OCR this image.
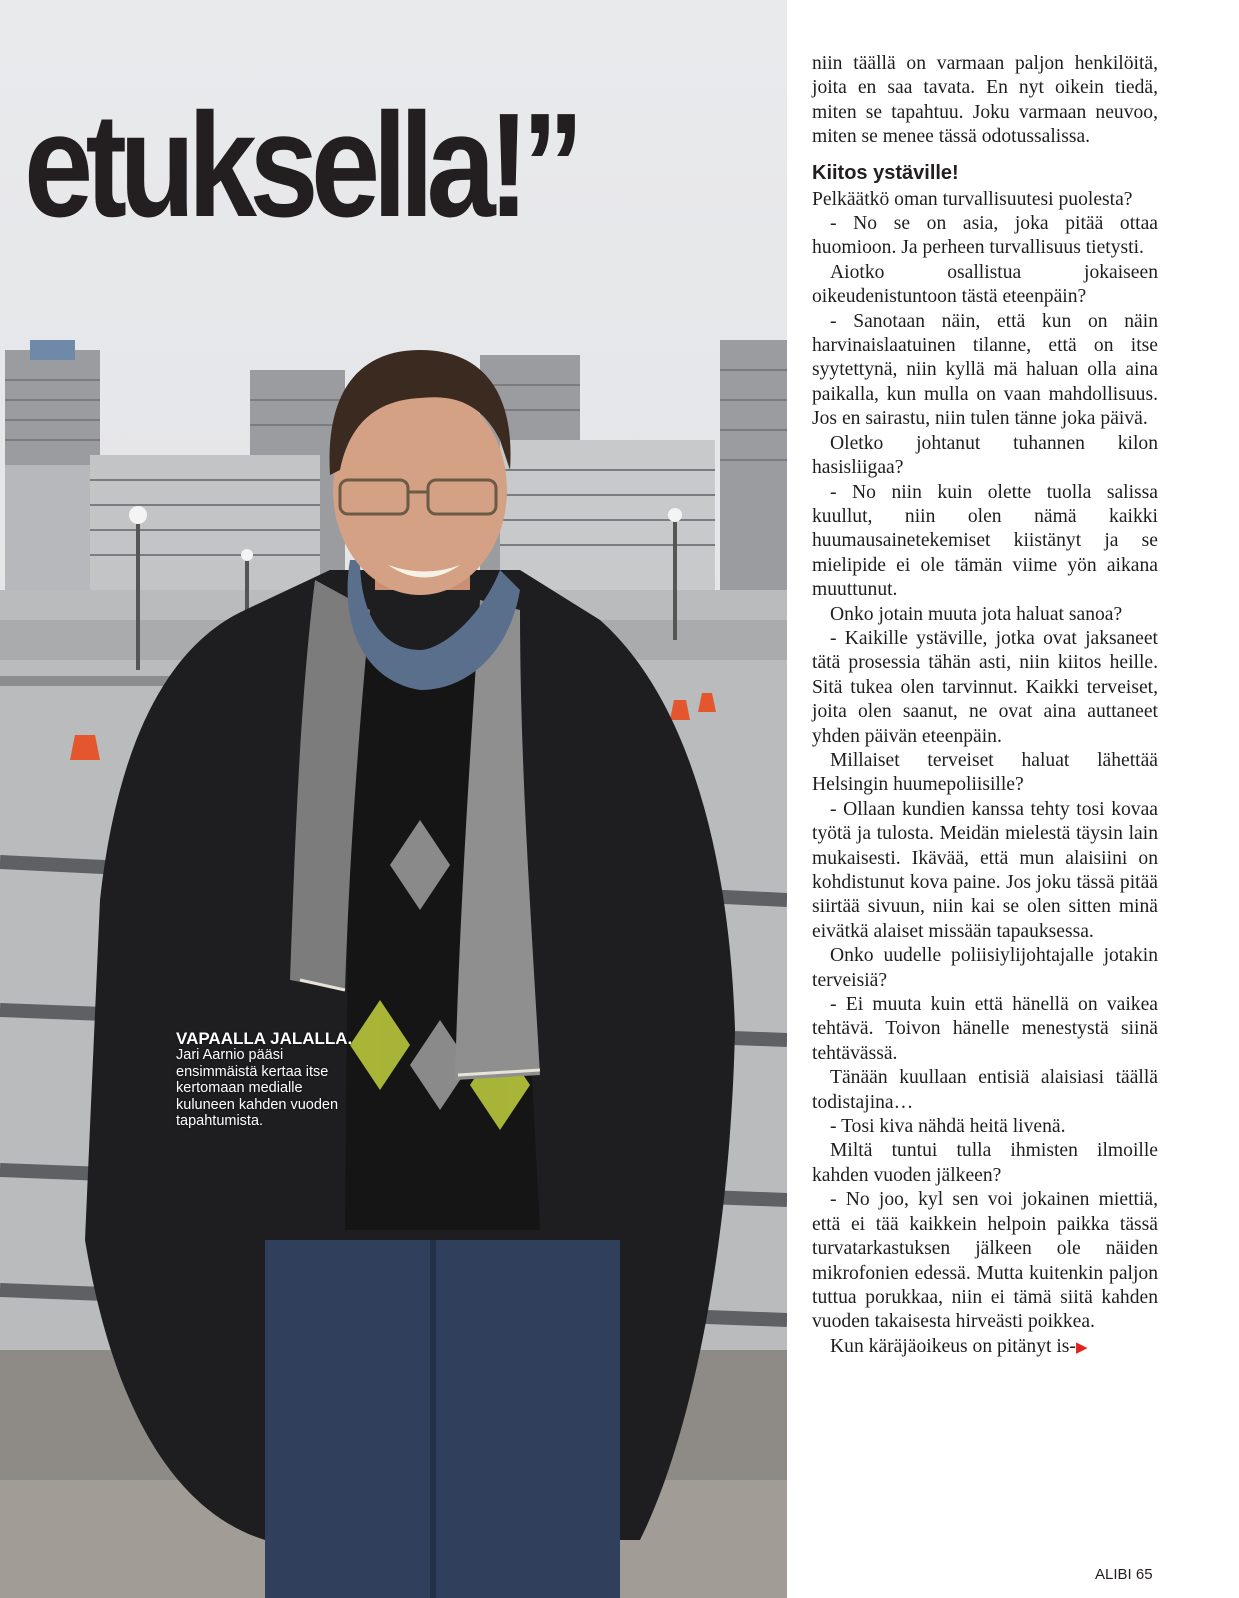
etuksella!”
VAPAALLA JALALLA.
Jari Aarnio pääsi ensimmäistä kertaa itse kertomaan medialle kuluneen kahden vuoden tapahtumista.

niin täällä on varmaan paljon henkilöitä, joita en saa tavata. En nyt oikein tiedä, miten se tapahtuu. Joku varmaan neuvoo, miten se menee tässä odotussalissa.

Kiitos ystäville!

Pelkäätkö oman turvallisuutesi puolesta?

- No se on asia, joka pitää ottaa huomioon. Ja perheen turvallisuus tietysti.

Aiotko osallistua jokaiseen oikeudenistuntoon tästä eteenpäin?

- Sanotaan näin, että kun on näin harvinaislaatuinen tilanne, että on itse syytettynä, niin kyllä mä haluan olla aina paikalla, kun mulla on vaan mahdollisuus. Jos en sairastu, niin tulen tänne joka päivä.

Oletko johtanut tuhannen kilon hasisliigaa?

- No niin kuin olette tuolla salissa kuullut, niin olen nämä kaikki huumausainetekemiset kiistänyt ja se mielipide ei ole tämän viime yön aikana muuttunut.

Onko jotain muuta jota haluat sanoa?

- Kaikille ystäville, jotka ovat jaksaneet tätä prosessia tähän asti, niin kiitos heille. Sitä tukea olen tarvinnut. Kaikki terveiset, joita olen saanut, ne ovat aina auttaneet yhden päivän eteenpäin.

Millaiset terveiset haluat lähettää Helsingin huumepoliisille?

- Ollaan kundien kanssa tehty tosi kovaa työtä ja tulosta. Meidän mielestä täysin lain mukaisesti. Ikävää, että mun alaisiini on kohdistunut kova paine. Jos joku tässä pitää siirtää sivuun, niin kai se olen sitten minä eivätkä alaiset missään tapauksessa.

Onko uudelle poliisiylijohtajalle jotakin terveisiä?

- Ei muuta kuin että hänellä on vaikea tehtävä. Toivon hänelle menestystä siinä tehtävässä.

Tänään kuullaan entisiä alaisiasi täällä todistajina…

- Tosi kiva nähdä heitä livenä.

Miltä tuntui tulla ihmisten ilmoille kahden vuoden jälkeen?

- No joo, kyl sen voi jokainen miettiä, että ei tää kaikkein helpoin paikka tässä turvatarkastuksen jälkeen ole näiden mikrofonien edessä. Mutta kuitenkin paljon tuttua porukkaa, niin ei tämä siitä kahden vuoden takaisesta hirveästi poikkea.

Kun käräjäoikeus on pitänyt is-▶

ALIBI 65
